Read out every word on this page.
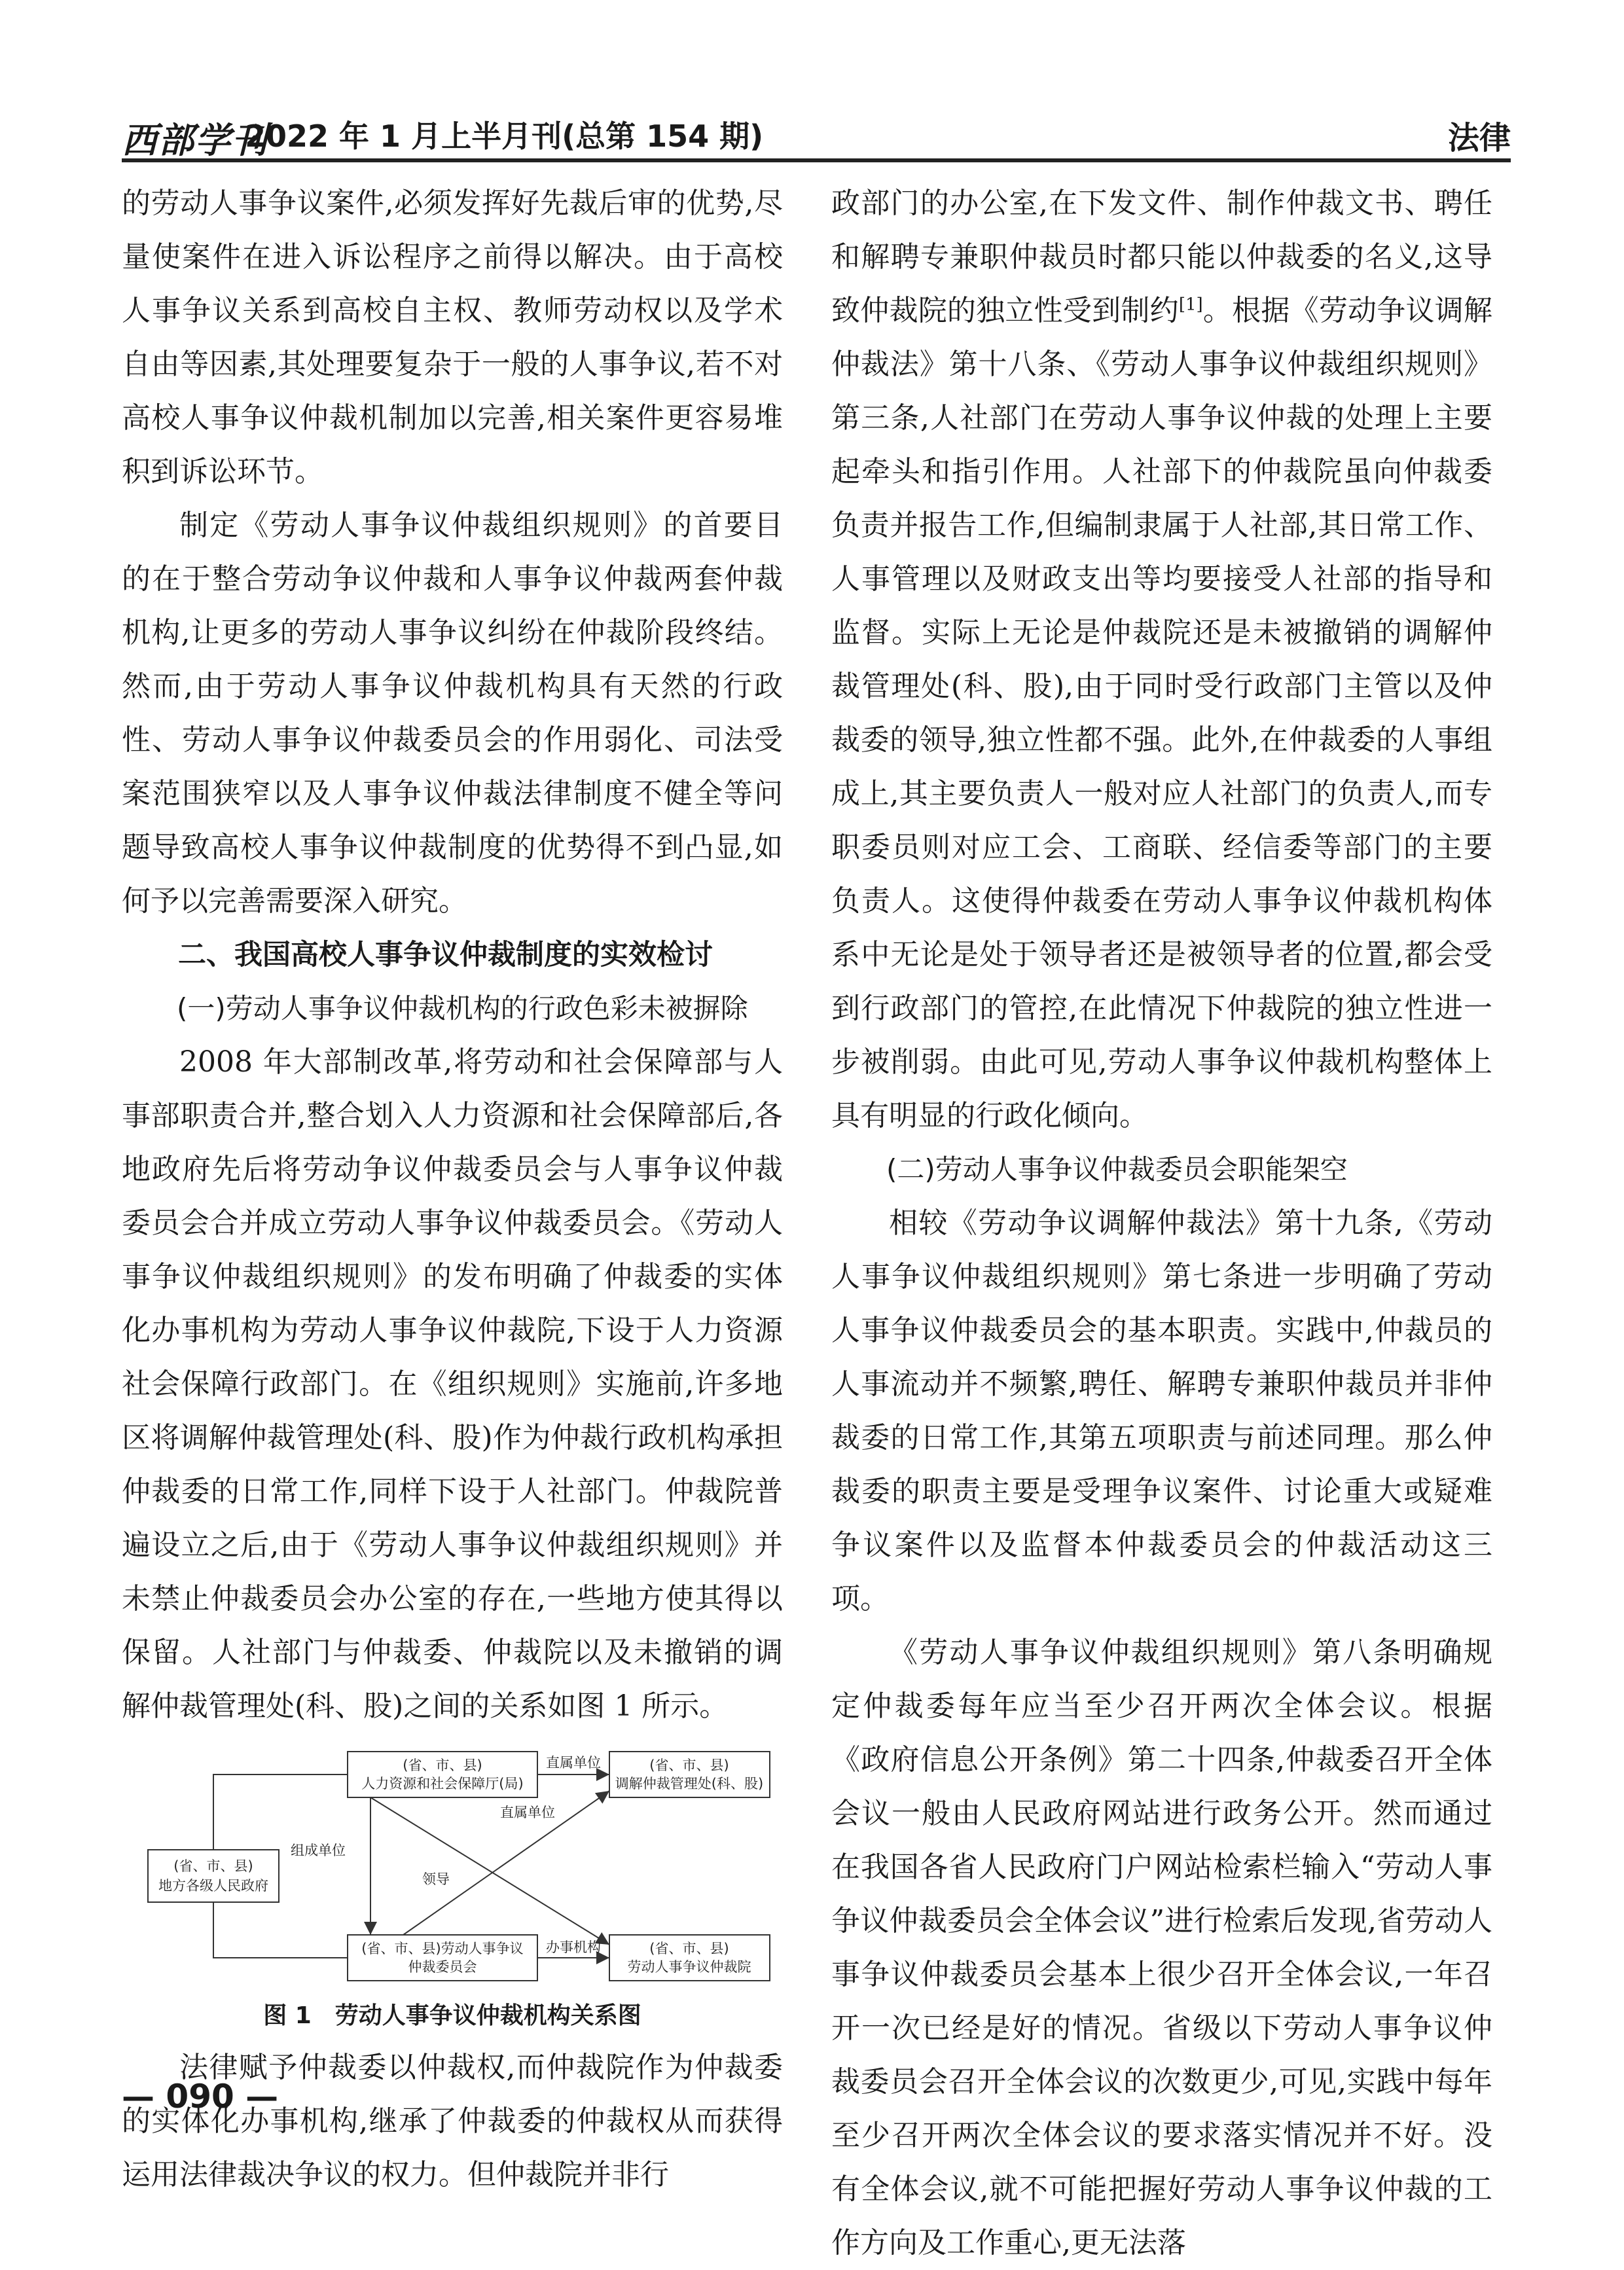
西部学刊
2022 年 1 月上半月刊(总第 154 期)	法律

的劳动人事争议案件,必须发挥好先裁后审的优势,尽量使案件在进入诉讼程序之前得以解决。由于高校人事争议关系到高校自主权、教师劳动权以及学术自由等因素,其处理要复杂于一般的人事争议,若不对高校人事争议仲裁机制加以完善,相关案件更容易堆积到诉讼环节。

制定《劳动人事争议仲裁组织规则》的首要目的在于整合劳动争议仲裁和人事争议仲裁两套仲裁机构,让更多的劳动人事争议纠纷在仲裁阶段终结。然而,由于劳动人事争议仲裁机构具有天然的行政性、劳动人事争议仲裁委员会的作用弱化、司法受案范围狭窄以及人事争议仲裁法律制度不健全等问题导致高校人事争议仲裁制度的优势得不到凸显,如何予以完善需要深入研究。

二、我国高校人事争议仲裁制度的实效检讨

(一)劳动人事争议仲裁机构的行政色彩未被摒除

2008 年大部制改革,将劳动和社会保障部与人事部职责合并,整合划入人力资源和社会保障部后,各地政府先后将劳动争议仲裁委员会与人事争议仲裁委员会合并成立劳动人事争议仲裁委员会。《劳动人事争议仲裁组织规则》的发布明确了仲裁委的实体化办事机构为劳动人事争议仲裁院,下设于人力资源社会保障行政部门。在《组织规则》实施前,许多地区将调解仲裁管理处(科、股)作为仲裁行政机构承担仲裁委的日常工作,同样下设于人社部门。仲裁院普遍设立之后,由于《劳动人事争议仲裁组织规则》并未禁止仲裁委员会办公室的存在,一些地方使其得以保留。人社部门与仲裁委、仲裁院以及未撤销的调解仲裁管理处(科、股)之间的关系如图 1 所示。

(省、市、县)
地方各级人民政府
(省、市、县)
人力资源和社会保障厅(局)
(省、市、县)
调解仲裁管理处(科、股)
(省、市、县)劳动人事争议
仲裁委员会
(省、市、县)
劳动人事争议仲裁院
直属单位
直属单位
组成单位
领导
办事机构
图 1　劳动人事争议仲裁机构关系图

法律赋予仲裁委以仲裁权,而仲裁院作为仲裁委的实体化办事机构,继承了仲裁委的仲裁权从而获得运用法律裁决争议的权力。但仲裁院并非行

政部门的办公室,在下发文件、制作仲裁文书、聘任和解聘专兼职仲裁员时都只能以仲裁委的名义,这导致仲裁院的独立性受到制约[1]。根据《劳动争议调解仲裁法》第十八条、《劳动人事争议仲裁组织规则》第三条,人社部门在劳动人事争议仲裁的处理上主要起牵头和指引作用。人社部下的仲裁院虽向仲裁委负责并报告工作,但编制隶属于人社部,其日常工作、人事管理以及财政支出等均要接受人社部的指导和监督。实际上无论是仲裁院还是未被撤销的调解仲裁管理处(科、股),由于同时受行政部门主管以及仲裁委的领导,独立性都不强。此外,在仲裁委的人事组成上,其主要负责人一般对应人社部门的负责人,而专职委员则对应工会、工商联、经信委等部门的主要负责人。这使得仲裁委在劳动人事争议仲裁机构体系中无论是处于领导者还是被领导者的位置,都会受到行政部门的管控,在此情况下仲裁院的独立性进一步被削弱。由此可见,劳动人事争议仲裁机构整体上具有明显的行政化倾向。

(二)劳动人事争议仲裁委员会职能架空

相较《劳动争议调解仲裁法》第十九条,《劳动人事争议仲裁组织规则》第七条进一步明确了劳动人事争议仲裁委员会的基本职责。实践中,仲裁员的人事流动并不频繁,聘任、解聘专兼职仲裁员并非仲裁委的日常工作,其第五项职责与前述同理。那么仲裁委的职责主要是受理争议案件、讨论重大或疑难争议案件以及监督本仲裁委员会的仲裁活动这三项。

《劳动人事争议仲裁组织规则》第八条明确规定仲裁委每年应当至少召开两次全体会议。根据《政府信息公开条例》第二十四条,仲裁委召开全体会议一般由人民政府网站进行政务公开。然而通过在我国各省人民政府门户网站检索栏输入“劳动人事争议仲裁委员会全体会议”进行检索后发现,省劳动人事争议仲裁委员会基本上很少召开全体会议,一年召开一次已经是好的情况。省级以下劳动人事争议仲裁委员会召开全体会议的次数更少,可见,实践中每年至少召开两次全体会议的要求落实情况并不好。没有全体会议,就不可能把握好劳动人事争议仲裁的工作方向及工作重心,更无法落

— 090 —
